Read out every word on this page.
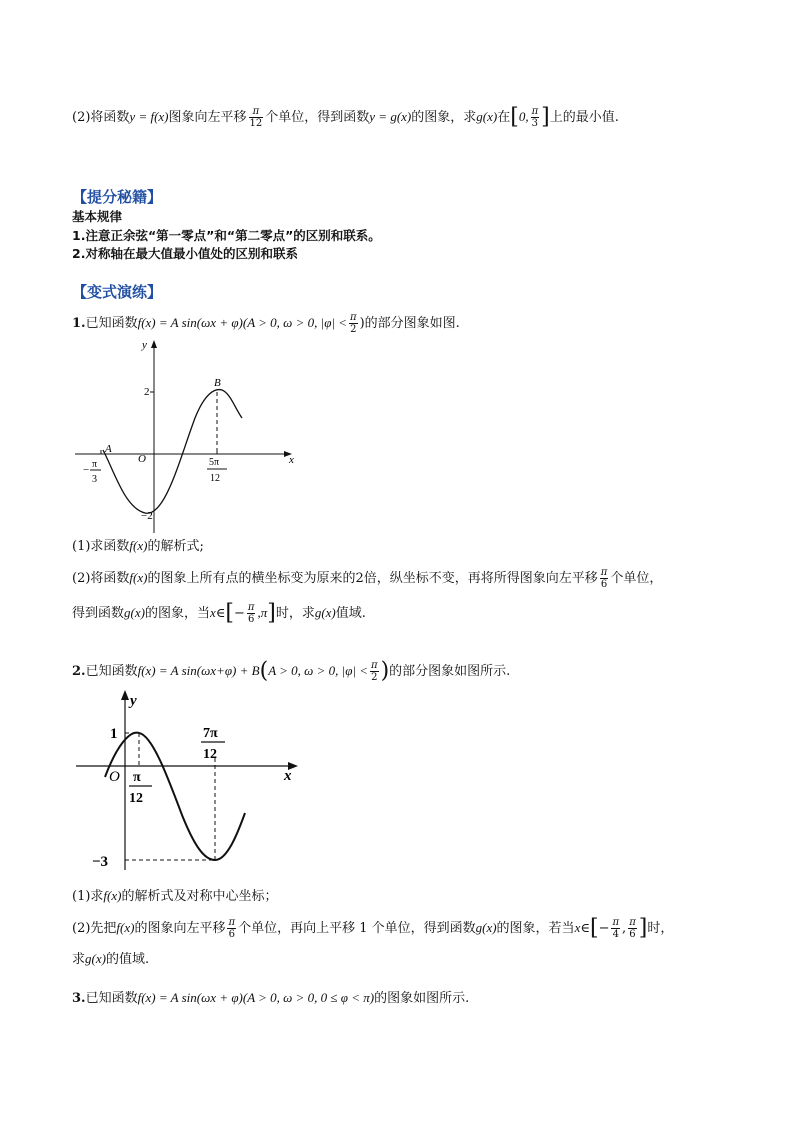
(2)将函数y = f(x)图象向左平移 $\frac{\pi}{12}$ 个单位，得到函数y = g(x)的图象，求g(x)在[0, $\frac{\pi}{3}$ ]上的最小值.
【提分秘籍】
基本规律
1.注意正余弦“第一零点”和“第二零点”的区别和联系。
2.对称轴在最大值最小值处的区别和联系
【变式演练】
1.已知函数f(x) = A sin(ωx + φ)(A > 0, ω > 0, $|\varphi| < \frac{\pi}{2}$ )的部分图象如图.
y
x
O
A
B
2
−2
− π
3
5π
12
(1)求函数f(x)的解析式;
(2)将函数f(x)的图象上所有点的横坐标变为原来的2倍，纵坐标不变，再将所得图象向左平移 $\frac{\pi}{6}$ 个单位，
得到函数g(x)的图象，当x∈[− $\frac{\pi}{6} ,\pi$]时，求g(x)值域.
2.已知函数f(x) = A sin(ωx+φ) + B(A > 0, ω > 0, $|\varphi| < \frac{\pi}{2}$ )的部分图象如图所示.
y
x
O
1
−3
π
12
7π
12
(1)求f(x)的解析式及对称中心坐标；
(2)先把f(x)的图象向左平移 $\frac{\pi}{6}$ 个单位，再向上平移 1 个单位，得到函数g(x)的图象，若当x∈[− $\frac{\pi}{4}$ , $\frac{\pi}{6}$ ]时，
求g(x)的值域.
3.已知函数f(x) = A sin(ωx + φ)(A > 0, ω > 0, 0 ≤ φ < π)的图象如图所示.
